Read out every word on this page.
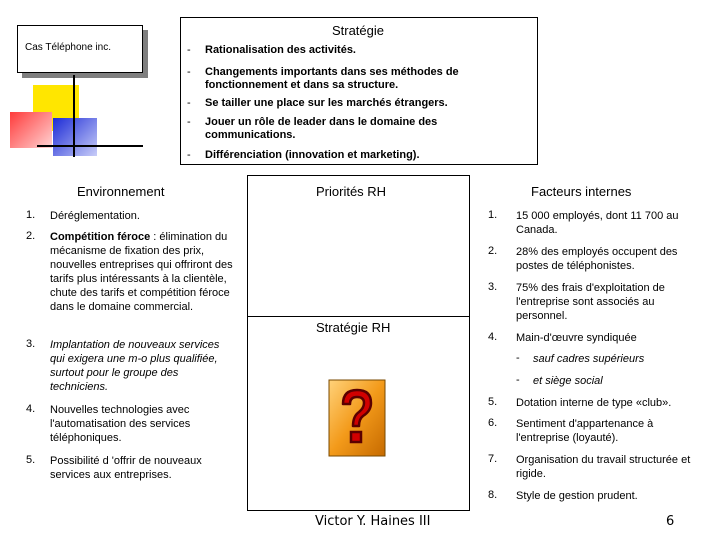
Cas Téléphone inc.
Stratégie
-	Rationalisation des activités.
-	Changements importants dans ses méthodes de fonctionnement et dans sa structure.
-	Se tailler une place sur les marchés étrangers.
-	Jouer un rôle de leader dans le domaine des communications.
-	Différenciation (innovation et marketing).
Environnement
1. Déréglementation.
2. Compétition féroce : élimination du mécanisme de fixation des prix, nouvelles entreprises qui offriront des tarifs plus intéressants à la clientèle, chute des tarifs et compétition féroce dans le domaine commercial.
3. Implantation de nouveaux services qui exigera une m-o plus qualifiée, surtout pour le groupe des techniciens.
4. Nouvelles technologies avec l'automatisation des services téléphoniques.
5. Possibilité d 'offrir de nouveaux services aux entreprises.
Priorités RH
Stratégie RH
Facteurs internes
1. 15 000 employés, dont 11 700 au Canada.
2. 28% des employés occupent des postes de téléphonistes.
3. 75% des frais d'exploitation de l'entreprise sont associés au personnel.
4. Main-d'œuvre syndiquée
- sauf cadres supérieurs
- et siège social
5. Dotation interne de type «club».
6. Sentiment d'appartenance à l'entreprise (loyauté).
7. Organisation du travail structurée et rigide.
8. Style de gestion prudent.
Victor Y. Haines III	6
